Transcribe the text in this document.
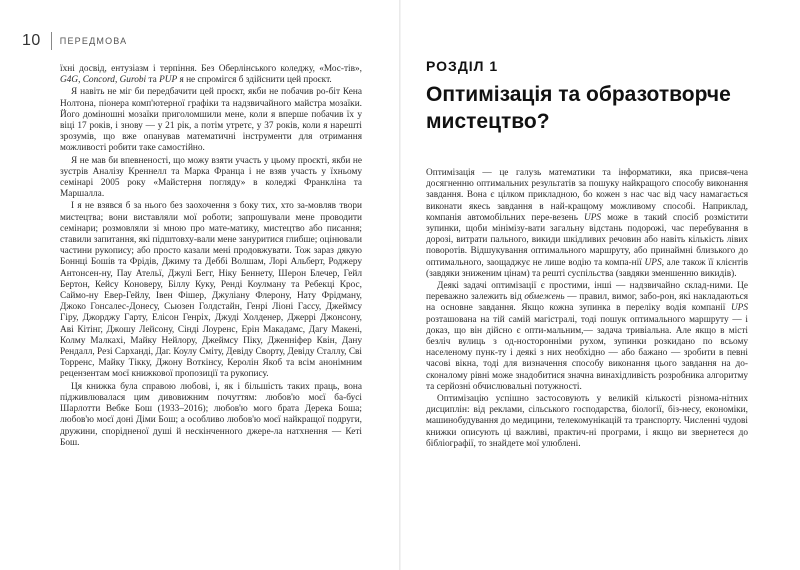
10 ПЕРЕДМОВА

їхні досвід, ентузіазм і терпіння. Без Оберлінського коледжу, «Мос-тів», G4G, Concord, Gurobi та PUP я не спромігся б здійснити цей проєкт.

Я навіть не міг би передбачити цей проєкт, якби не побачив ро-біт Кена Нолтона, піонера комп'ютерної графіки та надзвичайного майстра мозаїки. Його доміношні мозаїки приголомшили мене, коли я вперше побачив їх у віці 17 років, і знову — у 21 рік, а потім утретє, у 37 років, коли я нарешті зрозумів, що вже опанував математичні інструменти для отримання можливості робити таке самостійно.

Я не мав би впевненості, що можу взяти участь у цьому проєкті, якби не зустрів Аналізу Креннелл та Марка Франца і не взяв участь у їхньому семінарі 2005 року «Майстерня погляду» в коледжі Франкліна та Маршалла.

І я не взявся б за нього без заохочення з боку тих, хто за-мовляв твори мистецтва; вони виставляли мої роботи; запрошували мене проводити семінари; розмовляли зі мною про мате-матику, мистецтво або писання; ставили запитання, які підштовху-вали мене зануритися глибше; оцінювали частини рукопису; або просто казали мені продовжувати. Тож зараз дякую Боннці Бошів та Фрідів, Джиму та Деббі Волшам, Лорі Альберт, Роджеру Антонсен-ну, Пау Ательї, Джулі Бегг, Ніку Беннету, Шерон Блечер, Гейл Бертон, Кейсу Коноверу, Біллу Куку, Ренді Коулману та Ребекці Крос, Саймо-ну Евер-Гейлу, Івен Фішер, Джуліану Флерону, Нату Фрідману, Джоко Гонсалес-Донесу, Сьюзен Голдстайн, Генрі Ліоні Гассу, Джеймсу Гіру, Джорджу Гарту, Елісон Генріх, Джуді Холденер, Джеррі Джонсону, Аві Кітінг, Джошу Лейсону, Сінді Лоуренс, Ерін Макадамс, Дагу Макені, Колму Малкахі, Майку Нейлору, Джеймсу Піку, Дженніфер Квін, Дану Рендалл, Резі Сарханді, Даг. Коулу Сміту, Девіду Сворту, Девіду Сталлу, Сві Торренс, Майку Тікку, Джону Воткінсу, Керолін Якоб та всім анонімним рецензентам моєї книжкової пропозиції та рукопису.

Ця книжка була справою любові, і, як і більшість таких праць, вона підживлювалася цим дивовижним почуттям: любов'ю моєї ба-бусі Шарлотти Вебке Бош (1933–2016); любов'ю мого брата Дерека Боша; любов'ю моєї доні Діми Бош; а особливо любов'ю моєї найкращої подруги, дружини, спорідненої душі й нескінченного джере-ла натхнення — Кеті Бош.

РОЗДІЛ 1
Оптимізація та образотворче мистецтво?

Оптимізація — це галузь математики та інформатики, яка присвя-чена досягненню оптимальних результатів за пошуку найкращого способу виконання завдання. Вона є цілком прикладною, бо кожен з нас час від часу намагається виконати якесь завдання в най-кращому можливому способі. Наприклад, компанія автомобільних пере-везень UPS може в такий спосіб розмістити зупинки, щоби мінімізу-вати загальну відстань подорожі, час перебування в дорозі, витрати пального, викиди шкідливих речовин або навіть кількість лівих поворотів. Відшукування оптимального маршруту, або принаймні близького до оптимального, заощаджує не лише водію та компа-нії UPS, але також її клієнтів (завдяки зниженим цінам) та решті суспільства (завдяки зменшенню викидів).

Деякі задачі оптимізації є простими, інші — надзвичайно склад-ними. Це переважно залежить від обмежень — правил, вимог, забо-рон, які накладаються на основне завдання. Якщо кожна зупинка в переліку водія компанії UPS розташована на тій самій магістралі, тоді пошук оптимального маршруту — і доказ, що він дійсно є опти-мальним,— задача тривіальна. Але якщо в місті безліч вулиць з од-носторонніми рухом, зупинки розкидано по всьому населеному пунк-ту і деякі з них необхідно — або бажано — зробити в певні часові вікна, тоді для визначення способу виконання цього завдання на до-сконалому рівні може знадобитися значна винахідливість розробника алгоритму та серйозні обчислювальні потужності.

Оптимізацію успішно застосовують у великій кількості різнома-нітних дисциплін: від реклами, сільського господарства, біології, біз-несу, економіки, машинобудування до медицини, телекомунікацій та транспорту. Численні чудові книжки описують ці важливі, практич-ні програми, і якщо ви звернетеся до бібліографії, то знайдете мої улюблені.
